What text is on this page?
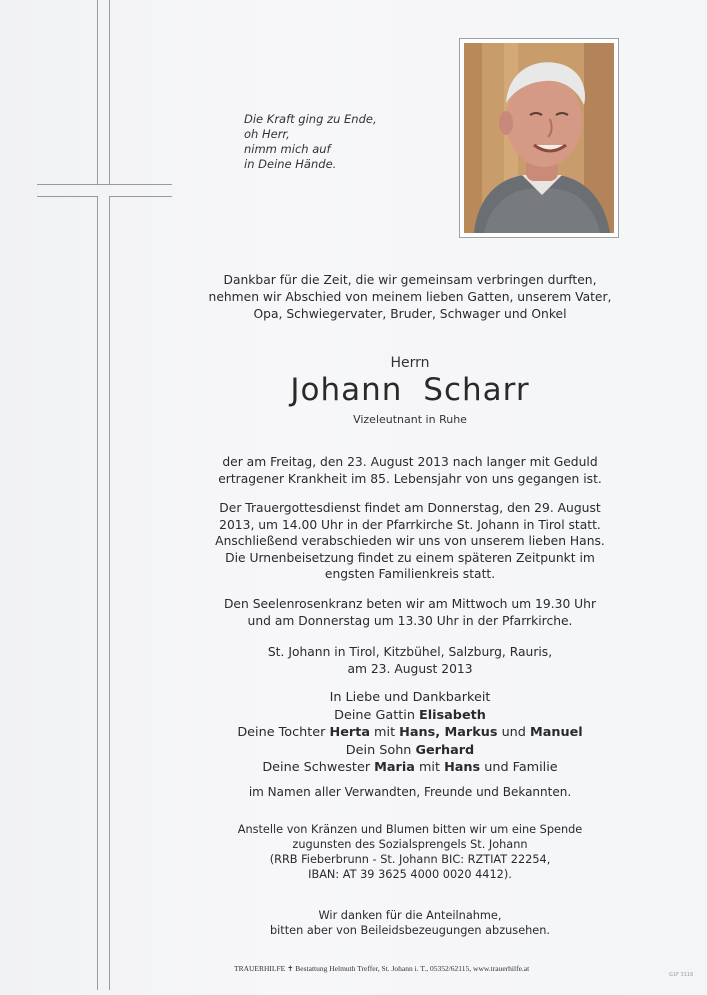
Die Kraft ging zu Ende,
oh Herr,
nimm mich auf
in Deine Hände.
Dankbar für die Zeit, die wir gemeinsam verbringen durften,
nehmen wir Abschied von meinem lieben Gatten, unserem Vater,
Opa, Schwiegervater, Bruder, Schwager und Onkel
Herrn
Johann Scharr
Vizeleutnant in Ruhe
der am Freitag, den 23. August 2013 nach langer mit Geduld
ertragener Krankheit im 85. Lebensjahr von uns gegangen ist.
Der Trauergottesdienst findet am Donnerstag, den 29. August
2013, um 14.00 Uhr in der Pfarrkirche St. Johann in Tirol statt.
Anschließend verabschieden wir uns von unserem lieben Hans.
Die Urnenbeisetzung findet zu einem späteren Zeitpunkt im
engsten Familienkreis statt.
Den Seelenrosenkranz beten wir am Mittwoch um 19.30 Uhr
und am Donnerstag um 13.30 Uhr in der Pfarrkirche.
St. Johann in Tirol, Kitzbühel, Salzburg, Rauris,
am 23. August 2013
In Liebe und Dankbarkeit
Deine Gattin Elisabeth
Deine Tochter Herta mit Hans, Markus und Manuel
Dein Sohn Gerhard
Deine Schwester Maria mit Hans und Familie
im Namen aller Verwandten, Freunde und Bekannten.
Anstelle von Kränzen und Blumen bitten wir um eine Spende
zugunsten des Sozialsprengels St. Johann
(RRB Fieberbrunn - St. Johann BIC: RZTIAT 22254,
IBAN: AT 39 3625 4000 0020 4412).
Wir danken für die Anteilnahme,
bitten aber von Beileidsbezeugungen abzusehen.
TRAUERHILFE ✝ Bestattung Helmuth Treffer, St. Johann i. T., 05352/62115, www.trauerhilfe.at
G1F 3116
